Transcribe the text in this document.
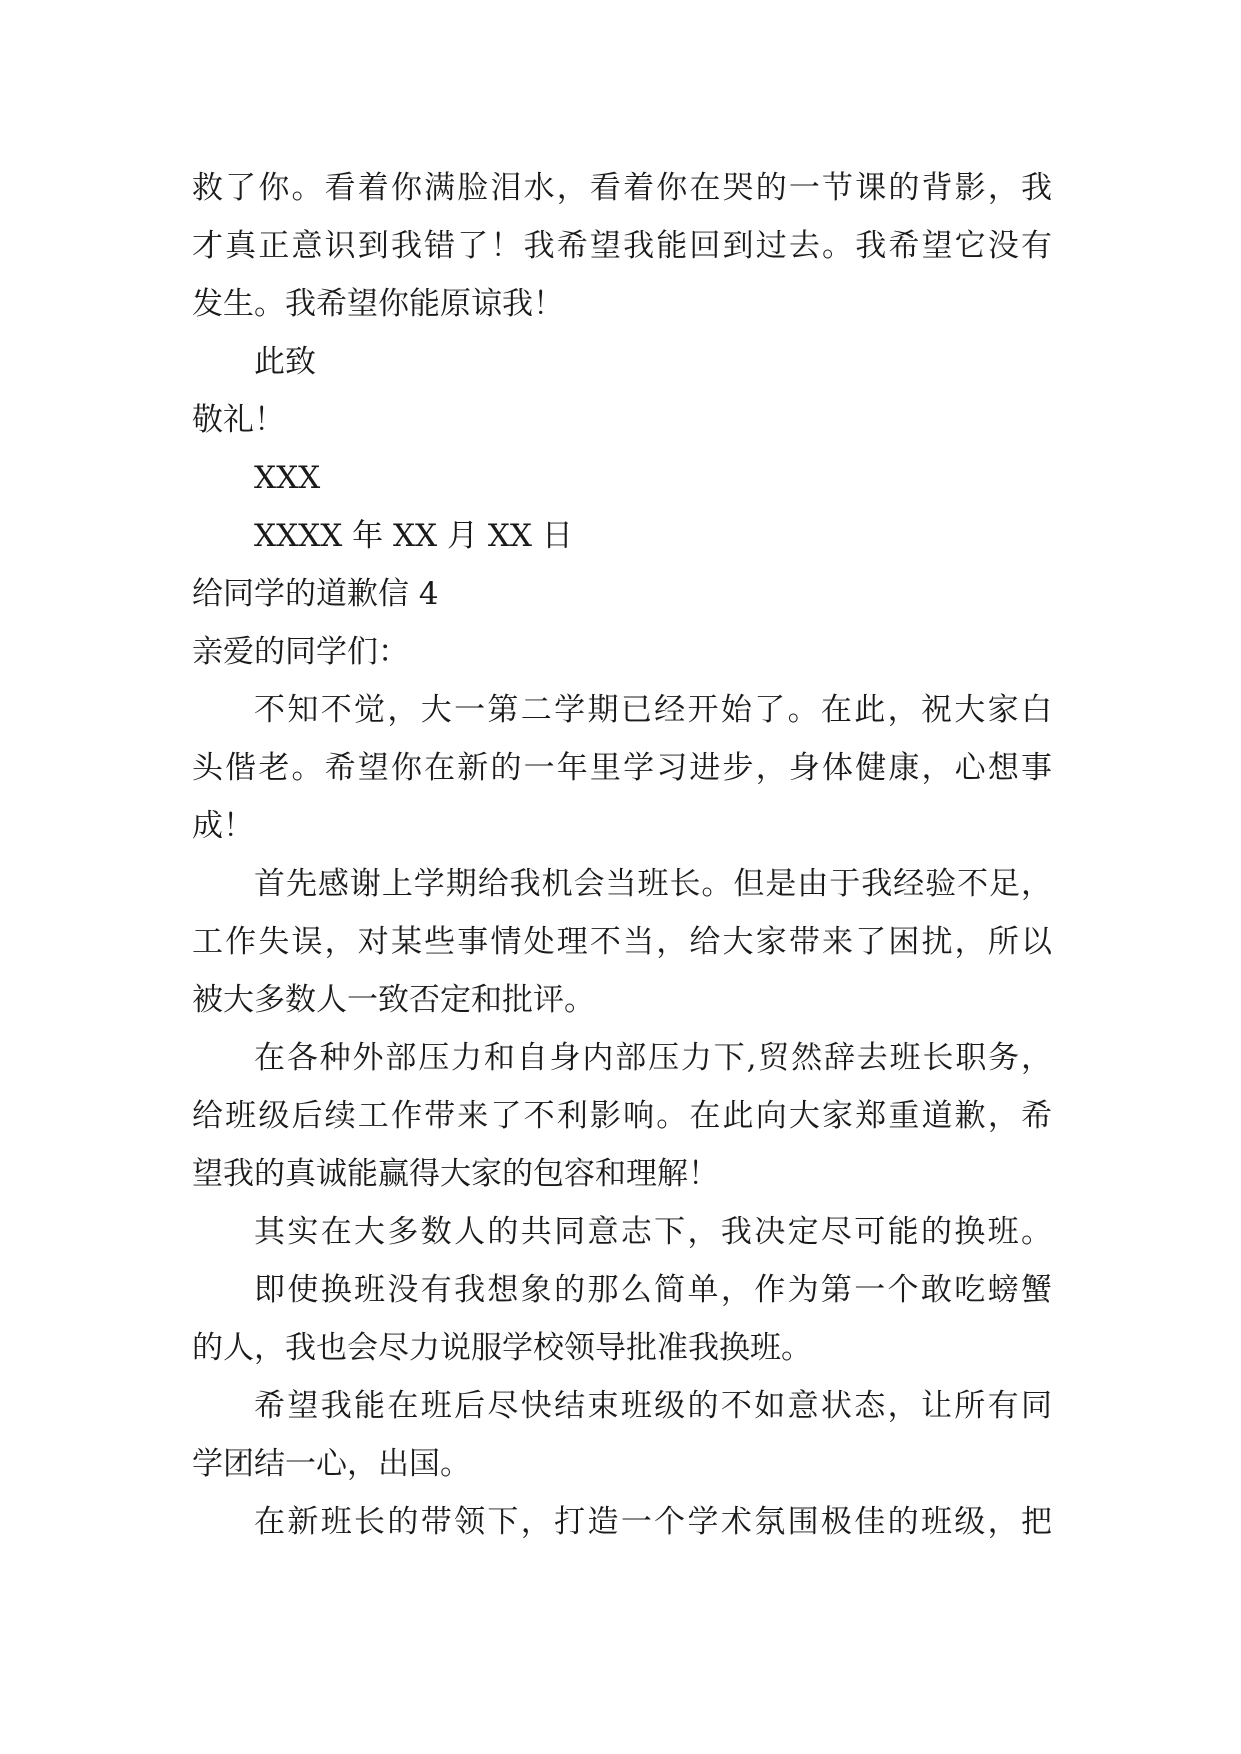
救了你。看着你满脸泪水，看着你在哭的一节课的背影，我

才真正意识到我错了！我希望我能回到过去。我希望它没有

发生。我希望你能原谅我！

此致

敬礼！

XXX

XXXX 年 XX 月 XX 日

给同学的道歉信 4

亲爱的同学们：

不知不觉，大一第二学期已经开始了。在此，祝大家白

头偕老。希望你在新的一年里学习进步，身体健康，心想事

成！

首先感谢上学期给我机会当班长。但是由于我经验不足，

工作失误，对某些事情处理不当，给大家带来了困扰，所以

被大多数人一致否定和批评。

在各种外部压力和自身内部压力下,贸然辞去班长职务，

给班级后续工作带来了不利影响。在此向大家郑重道歉，希

望我的真诚能赢得大家的包容和理解！

其实在大多数人的共同意志下，我决定尽可能的换班。

即使换班没有我想象的那么简单，作为第一个敢吃螃蟹

的人，我也会尽力说服学校领导批准我换班。

希望我能在班后尽快结束班级的不如意状态，让所有同

学团结一心，出国。

在新班长的带领下，打造一个学术氛围极佳的班级，把
